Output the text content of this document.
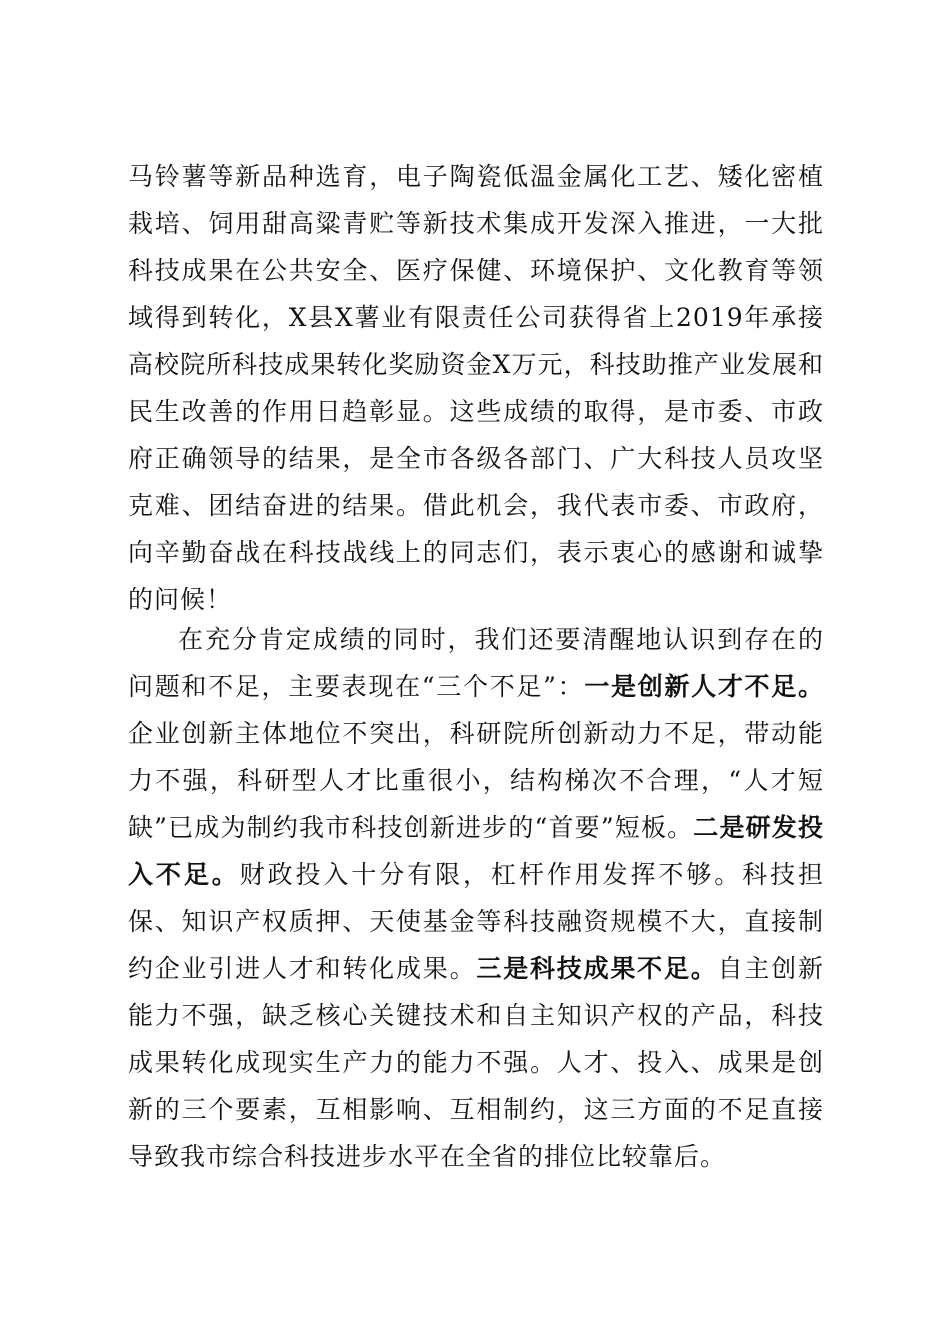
马铃薯等新品种选育，电子陶瓷低温金属化工艺、矮化密植栽培、饲用甜高粱青贮等新技术集成开发深入推进，一大批科技成果在公共安全、医疗保健、环境保护、文化教育等领域得到转化，X县X薯业有限责任公司获得省上2019年承接高校院所科技成果转化奖励资金X万元，科技助推产业发展和民生改善的作用日趋彰显。这些成绩的取得，是市委、市政府正确领导的结果，是全市各级各部门、广大科技人员攻坚克难、团结奋进的结果。借此机会，我代表市委、市政府，向辛勤奋战在科技战线上的同志们，表示衷心的感谢和诚挚的问候！

在充分肯定成绩的同时，我们还要清醒地认识到存在的问题和不足，主要表现在“三个不足”：一是创新人才不足。企业创新主体地位不突出，科研院所创新动力不足，带动能力不强，科研型人才比重很小，结构梯次不合理，“人才短缺”已成为制约我市科技创新进步的“首要”短板。二是研发投入不足。财政投入十分有限，杠杆作用发挥不够。科技担保、知识产权质押、天使基金等科技融资规模不大，直接制约企业引进人才和转化成果。三是科技成果不足。自主创新能力不强，缺乏核心关键技术和自主知识产权的产品，科技成果转化成现实生产力的能力不强。人才、投入、成果是创新的三个要素，互相影响、互相制约，这三方面的不足直接导致我市综合科技进步水平在全省的排位比较靠后。
